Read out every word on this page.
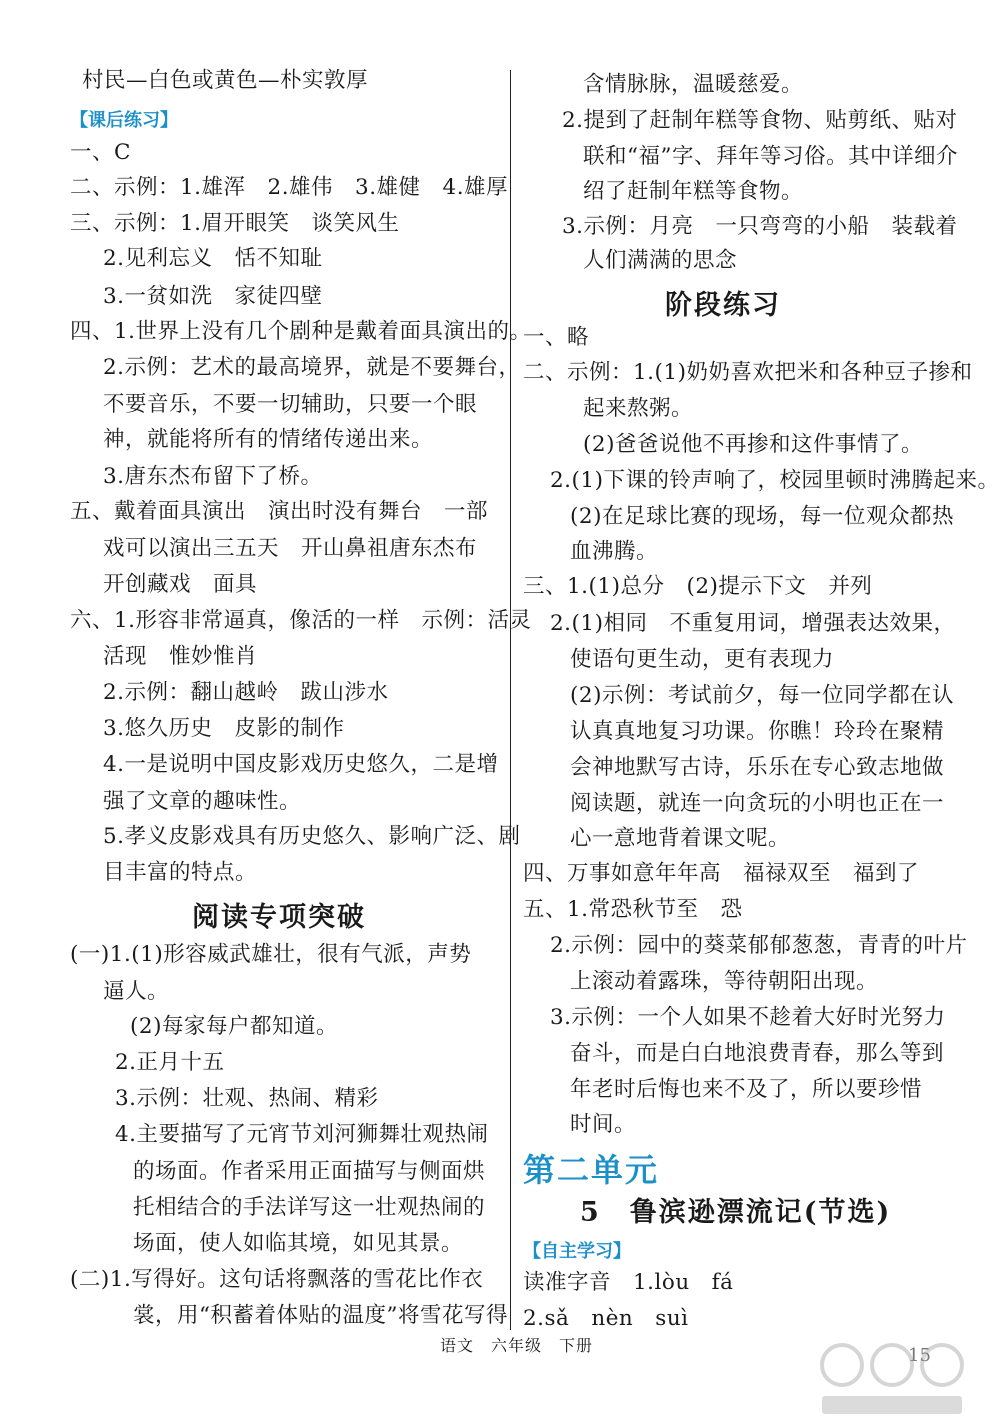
村民—白色或黄色—朴实敦厚
【课后练习】
一、C
二、示例：1.雄浑　2.雄伟　3.雄健　4.雄厚
三、示例：1.眉开眼笑　谈笑风生
2.见利忘义　恬不知耻
3.一贫如洗　家徒四壁
四、1.世界上没有几个剧种是戴着面具演出的。
2.示例：艺术的最高境界，就是不要舞台，
不要音乐，不要一切辅助，只要一个眼
神，就能将所有的情绪传递出来。
3.唐东杰布留下了桥。
五、戴着面具演出　演出时没有舞台　一部
戏可以演出三五天　开山鼻祖唐东杰布
开创藏戏　面具
六、1.形容非常逼真，像活的一样　示例：活灵
活现　惟妙惟肖
2.示例：翻山越岭　跋山涉水
3.悠久历史　皮影的制作
4.一是说明中国皮影戏历史悠久，二是增
强了文章的趣味性。
5.孝义皮影戏具有历史悠久、影响广泛、剧
目丰富的特点。
阅读专项突破
(一)1.(1)形容威武雄壮，很有气派，声势
逼人。
(2)每家每户都知道。
2.正月十五
3.示例：壮观、热闹、精彩
4.主要描写了元宵节刘河狮舞壮观热闹
的场面。作者采用正面描写与侧面烘
托相结合的手法详写这一壮观热闹的
场面，使人如临其境，如见其景。
(二)1.写得好。这句话将飘落的雪花比作衣
裳，用“积蓄着体贴的温度”将雪花写得
含情脉脉，温暖慈爱。
2.提到了赶制年糕等食物、贴剪纸、贴对
联和“福”字、拜年等习俗。其中详细介
绍了赶制年糕等食物。
3.示例：月亮　一只弯弯的小船　装载着
人们满满的思念
阶段练习
一、略
二、示例：1.(1)奶奶喜欢把米和各种豆子掺和
起来熬粥。
(2)爸爸说他不再掺和这件事情了。
2.(1)下课的铃声响了，校园里顿时沸腾起来。
(2)在足球比赛的现场，每一位观众都热
血沸腾。
三、1.(1)总分　(2)提示下文　并列
2.(1)相同　不重复用词，增强表达效果，
使语句更生动，更有表现力
(2)示例：考试前夕，每一位同学都在认
认真真地复习功课。你瞧！玲玲在聚精
会神地默写古诗，乐乐在专心致志地做
阅读题，就连一向贪玩的小明也正在一
心一意地背着课文呢。
四、万事如意年年高　福禄双至　福到了
五、1.常恐秋节至　恐
2.示例：园中的葵菜郁郁葱葱，青青的叶片
上滚动着露珠，等待朝阳出现。
3.示例：一个人如果不趁着大好时光努力
奋斗，而是白白地浪费青春，那么等到
年老时后悔也来不及了，所以要珍惜
时间。
第二单元
5　鲁滨逊漂流记(节选)
【自主学习】
读准字音　1.lòu　fá
2.sǎ　nèn　suì
语文　六年级　下册	15
